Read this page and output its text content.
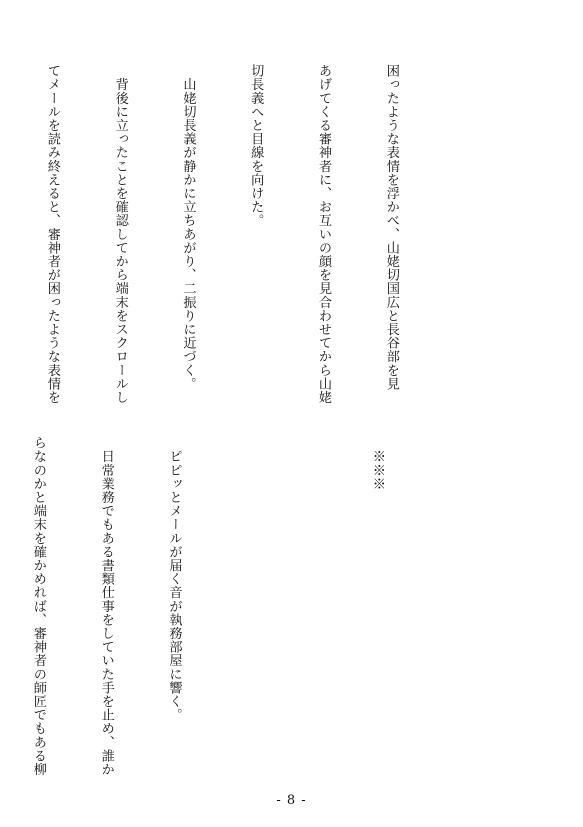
困ったような表情を浮かべ、山姥切国広と長谷部を見

あげてくる審神者に、お互いの顔を見合わせてから山姥

切長義へと目線を向けた。

　山姥切長義が静かに立ちあがり、二振りに近づく。

　背後に立ったことを確認してから端末をスクロールし

てメールを読み終えると、審神者が困ったような表情を

　※※※

　ピピッとメールが届く音が執務部屋に響く。

　日常業務でもある書類仕事をしていた手を止め、誰か

らなのかと端末を確かめれば、審神者の師匠でもある柳

- 8 -
